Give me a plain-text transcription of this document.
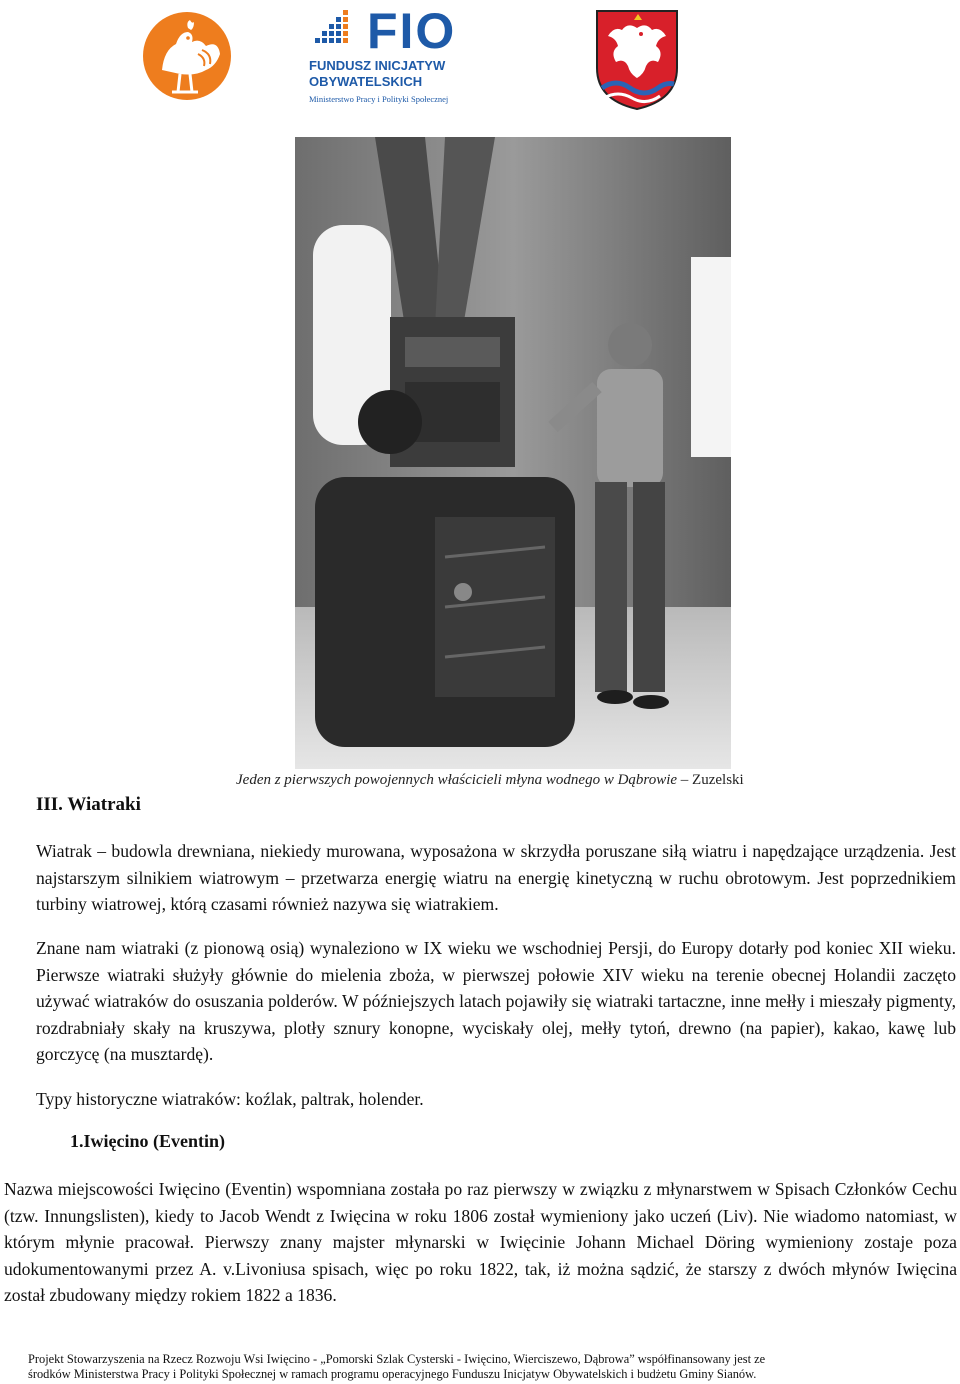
FIO
FUNDUSZ INICJATYW
OBYWATELSKICH
Ministerstwo Pracy i Polityki Społecznej
Jeden z pierwszych powojennych właścicieli młyna wodnego w Dąbrowie – Zuzelski
III. Wiatraki

Wiatrak – budowla drewniana, niekiedy murowana, wyposażona w skrzydła poruszane siłą wiatru i napędzające urządzenia. Jest najstarszym silnikiem wiatrowym – przetwarza energię wiatru na energię kinetyczną w ruchu obrotowym. Jest poprzednikiem turbiny wiatrowej, którą czasami również nazywa się wiatrakiem.

Znane nam wiatraki (z pionową osią) wynaleziono w IX wieku we wschodniej Persji, do Europy dotarły pod koniec XII wieku. Pierwsze wiatraki służyły głównie do mielenia zboża, w pierwszej połowie XIV wieku na terenie obecnej Holandii zaczęto używać wiatraków do osuszania polderów. W późniejszych latach pojawiły się wiatraki tartaczne, inne mełły i mieszały pigmenty, rozdrabniały skały na kruszywa, plotły sznury konopne, wyciskały olej, mełły tytoń, drewno (na papier), kakao, kawę lub gorczycę (na musztardę).

Typy historyczne wiatraków: koźlak, paltrak, holender.

1.Iwięcino (Eventin)

Nazwa miejscowości Iwięcino (Eventin) wspomniana została po raz pierwszy w związku z młynarstwem w Spisach Członków Cechu (tzw. Innungslisten), kiedy to Jacob Wendt z Iwięcina w roku 1806 został wymieniony jako uczeń (Liv). Nie wiadomo natomiast, w którym młynie pracował. Pierwszy znany majster młynarski w Iwięcinie Johann Michael Döring wymieniony zostaje poza udokumentowanymi przez A. v.Livoniusa spisach, więc po roku 1822, tak, iż można sądzić, że starszy z dwóch młynów Iwięcina został zbudowany między rokiem 1822 a 1836.

Projekt Stowarzyszenia na Rzecz Rozwoju Wsi Iwięcino - „Pomorski Szlak Cysterski - Iwięcino, Wierciszewo, Dąbrowa” współfinansowany jest ze
środków Ministerstwa Pracy i Polityki Społecznej w ramach programu operacyjnego Funduszu Inicjatyw Obywatelskich i budżetu Gminy Sianów.
